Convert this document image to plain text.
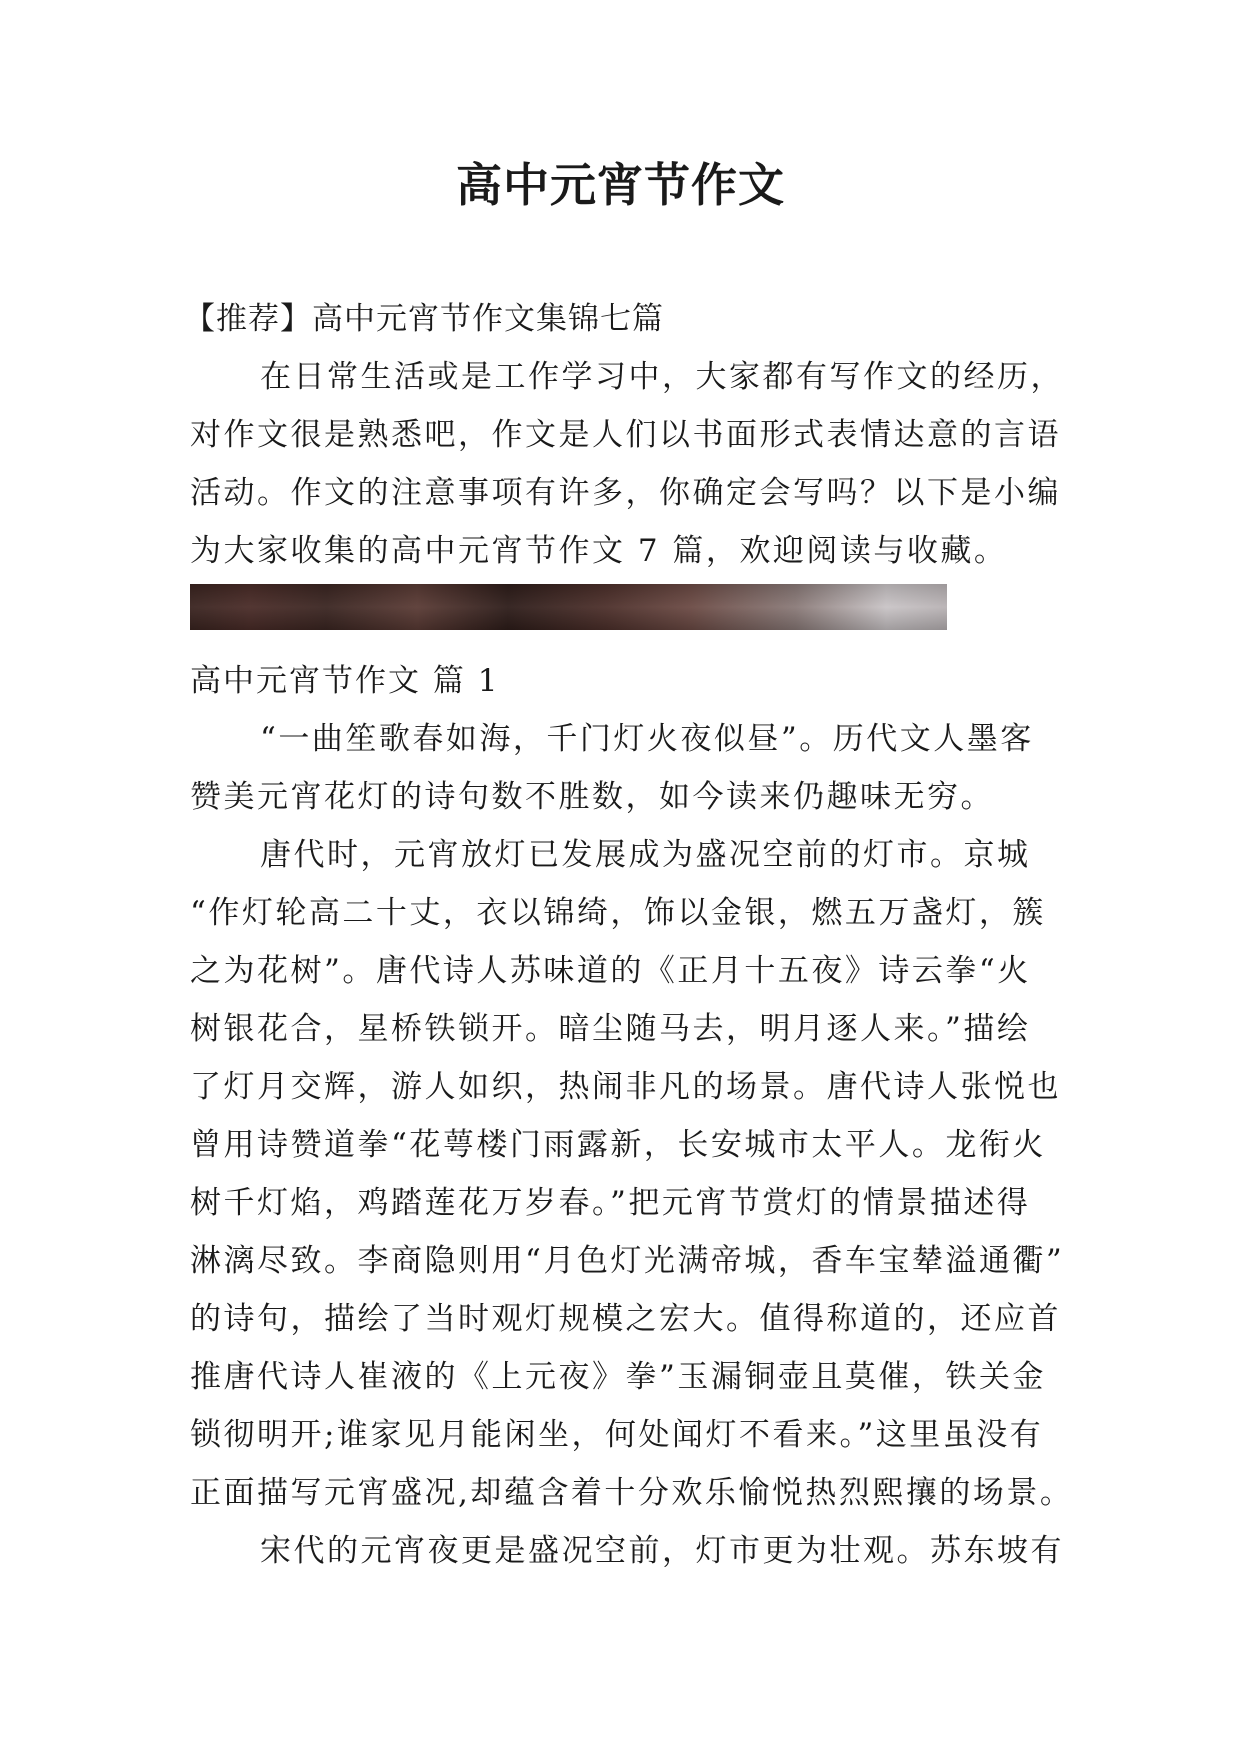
高中元宵节作文

【推荐】高中元宵节作文集锦七篇

在日常生活或是工作学习中，大家都有写作文的经历，

对作文很是熟悉吧，作文是人们以书面形式表情达意的言语

活动。作文的注意事项有许多，你确定会写吗？以下是小编

为大家收集的高中元宵节作文 7 篇，欢迎阅读与收藏。

高中元宵节作文 篇 1

“一曲笙歌春如海，千门灯火夜似昼”。历代文人墨客

赞美元宵花灯的诗句数不胜数，如今读来仍趣味无穷。

唐代时，元宵放灯已发展成为盛况空前的灯市。京城

“作灯轮高二十丈，衣以锦绮，饰以金银，燃五万盏灯，簇

之为花树”。唐代诗人苏味道的《正月十五夜》诗云拳“火

树银花合，星桥铁锁开。暗尘随马去，明月逐人来。”描绘

了灯月交辉，游人如织，热闹非凡的场景。唐代诗人张悦也

曾用诗赞道拳“花萼楼门雨露新，长安城市太平人。龙衔火

树千灯焰，鸡踏莲花万岁春。”把元宵节赏灯的情景描述得

淋漓尽致。李商隐则用“月色灯光满帝城，香车宝辇溢通衢”

的诗句，描绘了当时观灯规模之宏大。值得称道的，还应首

推唐代诗人崔液的《上元夜》拳”玉漏铜壶且莫催，铁关金

锁彻明开;谁家见月能闲坐，何处闻灯不看来。”这里虽没有

正面描写元宵盛况,却蕴含着十分欢乐愉悦热烈熙攘的场景。

宋代的元宵夜更是盛况空前，灯市更为壮观。苏东坡有
